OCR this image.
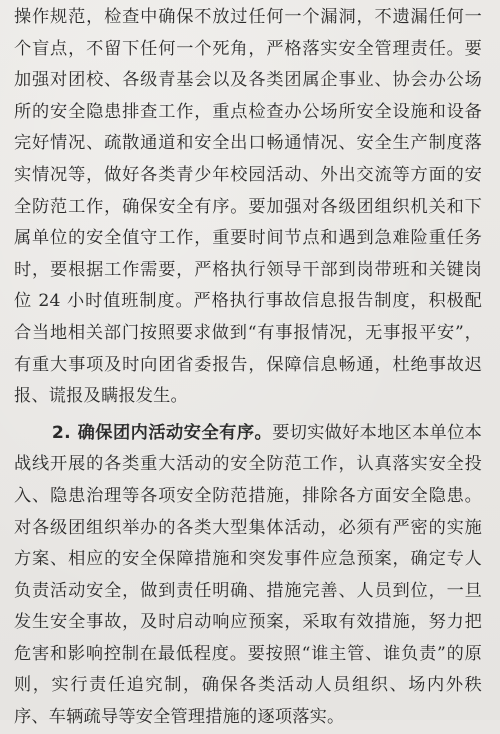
操作规范，检查中确保不放过任何一个漏洞，不遗漏任何一个盲点，不留下任何一个死角，严格落实安全管理责任。要加强对团校、各级青基会以及各类团属企事业、协会办公场所的安全隐患排查工作，重点检查办公场所安全设施和设备完好情况、疏散通道和安全出口畅通情况、安全生产制度落实情况等，做好各类青少年校园活动、外出交流等方面的安全防范工作，确保安全有序。要加强对各级团组织机关和下属单位的安全值守工作，重要时间节点和遇到急难险重任务时，要根据工作需要，严格执行领导干部到岗带班和关键岗位 24 小时值班制度。严格执行事故信息报告制度，积极配合当地相关部门按照要求做到“有事报情况，无事报平安”，有重大事项及时向团省委报告，保障信息畅通，杜绝事故迟报、谎报及瞒报发生。

2. 确保团内活动安全有序。要切实做好本地区本单位本战线开展的各类重大活动的安全防范工作，认真落实安全投入、隐患治理等各项安全防范措施，排除各方面安全隐患。对各级团组织举办的各类大型集体活动，必须有严密的实施方案、相应的安全保障措施和突发事件应急预案，确定专人负责活动安全，做到责任明确、措施完善、人员到位，一旦发生安全事故，及时启动响应预案，采取有效措施，努力把危害和影响控制在最低程度。要按照“谁主管、谁负责”的原则，实行责任追究制，确保各类活动人员组织、场内外秩序、车辆疏导等安全管理措施的逐项落实。
